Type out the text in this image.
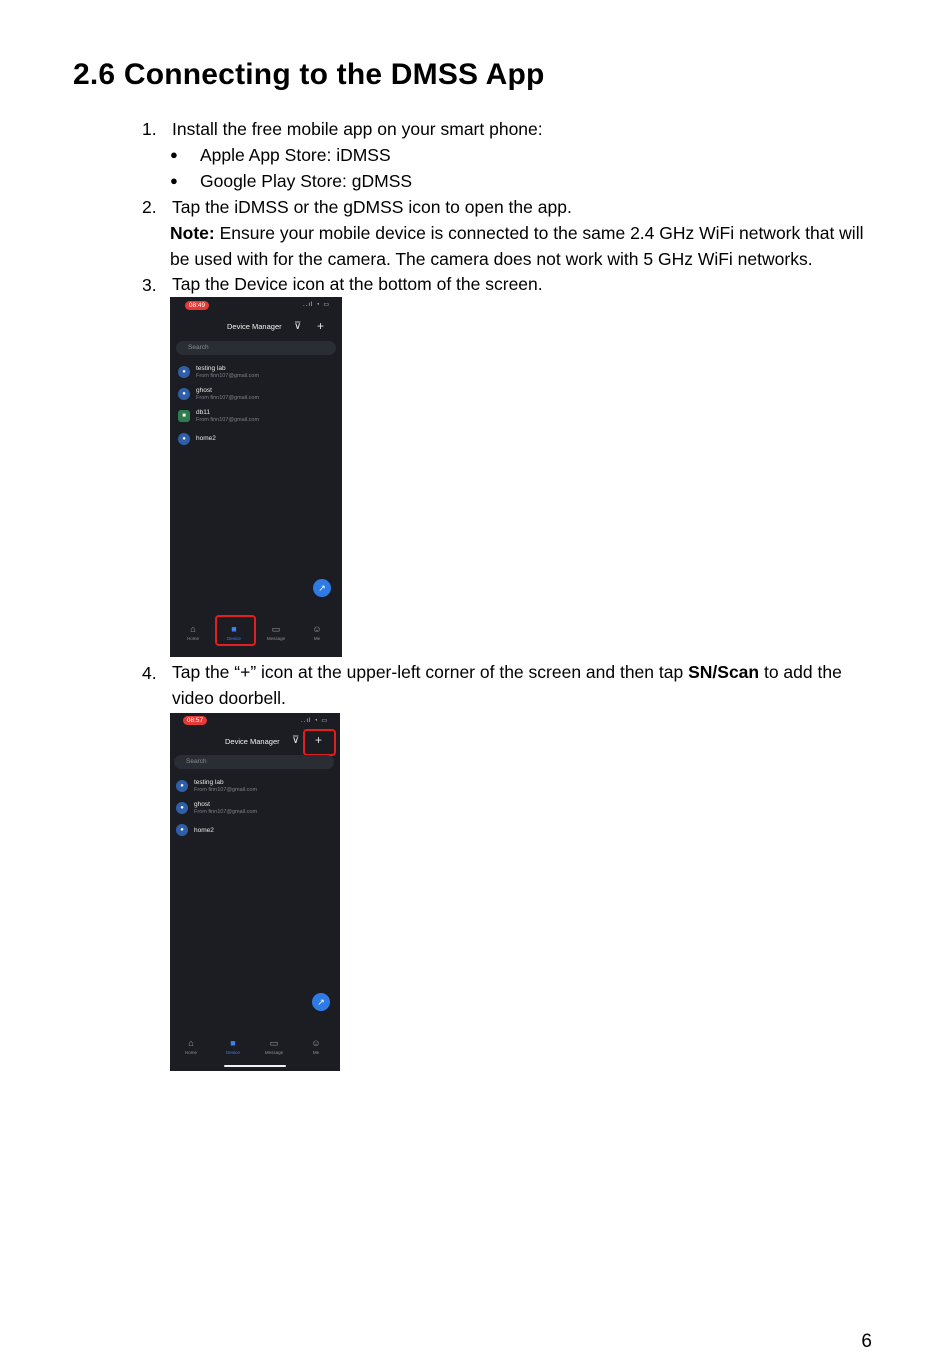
2.6 Connecting to the DMSS App
1. Install the free mobile app on your smart phone:
● Apple App Store: iDMSS
● Google Play Store: gDMSS
2. Tap the iDMSS or the gDMSS icon to open the app.
Note: Ensure your mobile device is connected to the same 2.4 GHz WiFi network that will
be used with for the camera. The camera does not work with 5 GHz WiFi networks.
3. Tap the Device icon at the bottom of the screen.
08:49	..ıl ◔ ▭
Device Manager ⊽ +
Search
●	testing lab
From finn107@gmail.com
●	ghost
From finn107@gmail.com
■	db11
From finn107@gmail.com
●	home2
↗
⌂
Home
■
Device
▭
Message
☺
Me
4. Tap the “+” icon at the upper-left corner of the screen and then tap SN/Scan to add the
video doorbell.
08:57	..ıl ◔ ▭
Device Manager ⊽ +
Search
●	testing lab
From finn107@gmail.com
●	ghost
From finn107@gmail.com
●	home2
↗
⌂
Home
■
Device
▭
Message
☺
Me
6
